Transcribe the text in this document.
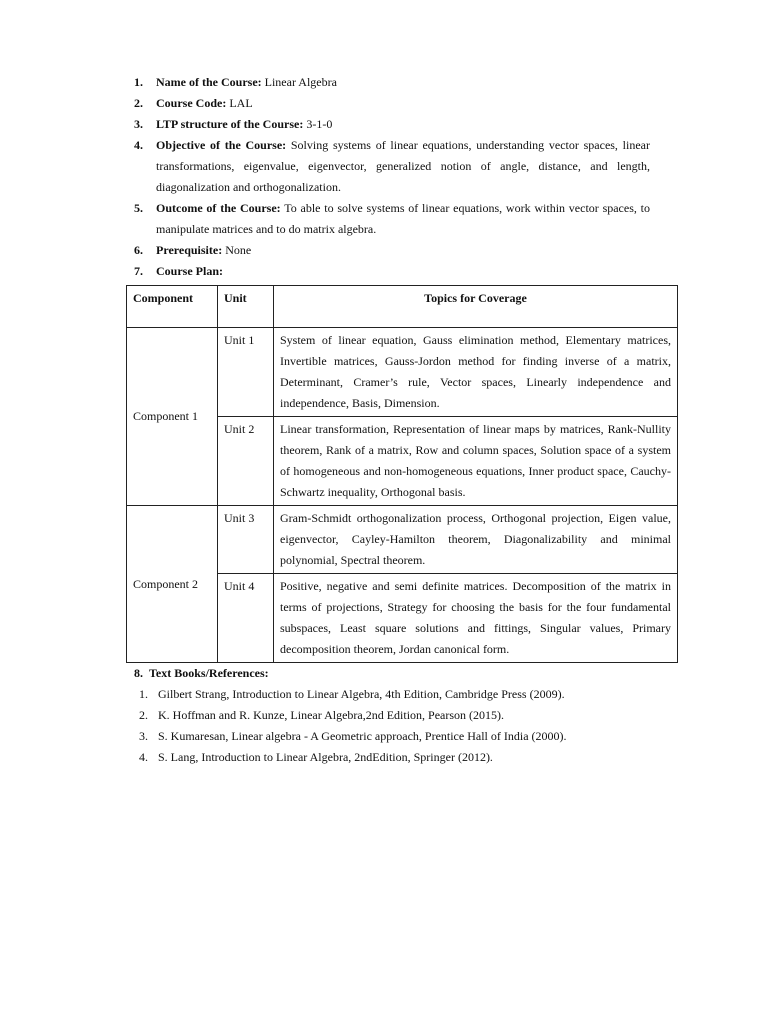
1. Name of the Course: Linear Algebra
2. Course Code: LAL
3. LTP structure of the Course: 3-1-0
4. Objective of the Course: Solving systems of linear equations, understanding vector spaces, linear transformations, eigenvalue, eigenvector, generalized notion of angle, distance, and length, diagonalization and orthogonalization.
5. Outcome of the Course: To able to solve systems of linear equations, work within vector spaces, to manipulate matrices and to do matrix algebra.
6. Prerequisite: None
7. Course Plan:
Component	Unit	Topics for Coverage
Component 1	Unit 1	System of linear equation, Gauss elimination method, Elementary matrices, Invertible matrices, Gauss-Jordon method for finding inverse of a matrix, Determinant, Cramer’s rule, Vector spaces, Linearly independence and independence, Basis, Dimension.
	Unit 2	Linear transformation, Representation of linear maps by matrices, Rank-Nullity theorem, Rank of a matrix, Row and column spaces, Solution space of a system of homogeneous and non-homogeneous equations, Inner product space, Cauchy-Schwartz inequality, Orthogonal basis.
Component 2	Unit 3	Gram-Schmidt orthogonalization process, Orthogonal projection, Eigen value, eigenvector, Cayley-Hamilton theorem, Diagonalizability and minimal polynomial, Spectral theorem.
	Unit 4	Positive, negative and semi definite matrices. Decomposition of the matrix in terms of projections, Strategy for choosing the basis for the four fundamental subspaces, Least square solutions and fittings, Singular values, Primary decomposition theorem, Jordan canonical form.
8. Text Books/References:
1. Gilbert Strang, Introduction to Linear Algebra, 4th Edition, Cambridge Press (2009).
2. K. Hoffman and R. Kunze, Linear Algebra,2nd Edition, Pearson (2015).
3. S. Kumaresan, Linear algebra - A Geometric approach, Prentice Hall of India (2000).
4. S. Lang, Introduction to Linear Algebra, 2ndEdition, Springer (2012).
